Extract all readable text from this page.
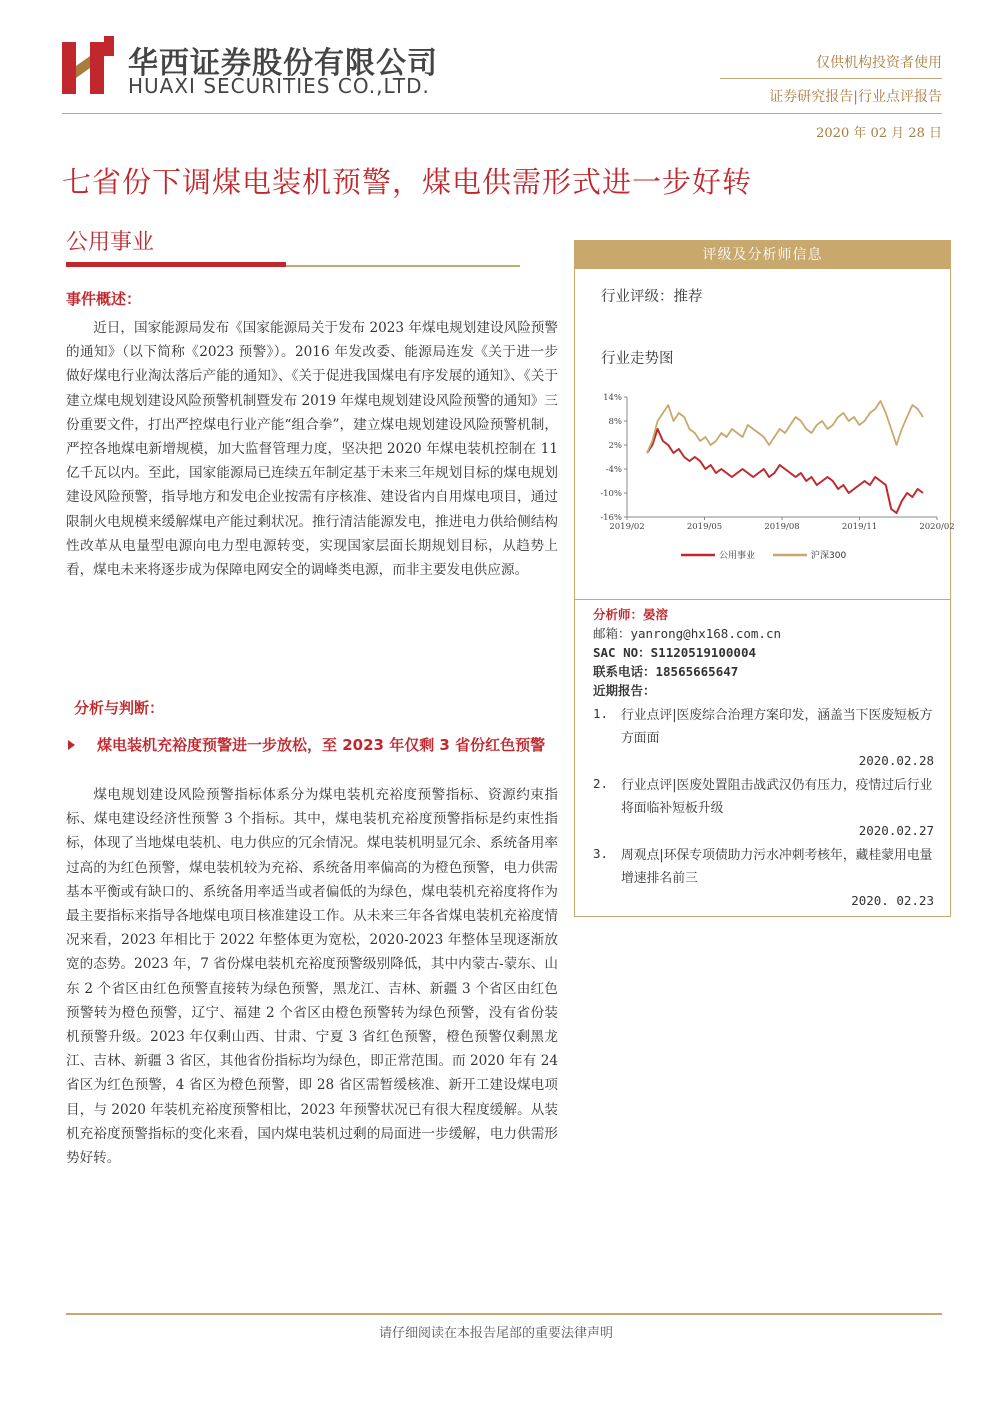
华西证券股份有限公司
HUAXI SECURITIES CO.,LTD.
仅供机构投资者使用
证券研究报告|行业点评报告
2020 年 02 月 28 日
七省份下调煤电装机预警，煤电供需形式进一步好转
公用事业
事件概述：
近日，国家能源局发布《国家能源局关于发布 2023 年煤电规划建设风险预警的通知》（以下简称《2023 预警》）。2016 年发改委、能源局连发《关于进一步做好煤电行业淘汰落后产能的通知》、《关于促进我国煤电有序发展的通知》、《关于建立煤电规划建设风险预警机制暨发布 2019 年煤电规划建设风险预警的通知》三份重要文件，打出严控煤电行业产能“组合拳”，建立煤电规划建设风险预警机制，严控各地煤电新增规模，加大监督管理力度，坚决把 2020 年煤电装机控制在 11 亿千瓦以内。至此，国家能源局已连续五年制定基于未来三年规划目标的煤电规划建设风险预警，指导地方和发电企业按需有序核准、建设省内自用煤电项目，通过限制火电规模来缓解煤电产能过剩状况。推行清洁能源发电，推进电力供给侧结构性改革从电量型电源向电力型电源转变，实现国家层面长期规划目标，从趋势上看，煤电未来将逐步成为保障电网安全的调峰类电源，而非主要发电供应源。
分析与判断：
煤电装机充裕度预警进一步放松，至 2023 年仅剩 3 省份红色预警
煤电规划建设风险预警指标体系分为煤电装机充裕度预警指标、资源约束指标、煤电建设经济性预警 3 个指标。其中，煤电装机充裕度预警指标是约束性指标，体现了当地煤电装机、电力供应的冗余情况。煤电装机明显冗余、系统备用率过高的为红色预警，煤电装机较为充裕、系统备用率偏高的为橙色预警，电力供需基本平衡或有缺口的、系统备用率适当或者偏低的为绿色，煤电装机充裕度将作为最主要指标来指导各地煤电项目核准建设工作。从未来三年各省煤电装机充裕度情况来看，2023 年相比于 2022 年整体更为宽松，2020-2023 年整体呈现逐渐放宽的态势。2023 年，7 省份煤电装机充裕度预警级别降低，其中内蒙古-蒙东、山东 2 个省区由红色预警直接转为绿色预警，黑龙江、吉林、新疆 3 个省区由红色预警转为橙色预警，辽宁、福建 2 个省区由橙色预警转为绿色预警，没有省份装机预警升级。2023 年仅剩山西、甘肃、宁夏 3 省红色预警，橙色预警仅剩黑龙江、吉林、新疆 3 省区，其他省份指标均为绿色，即正常范围。而 2020 年有 24 省区为红色预警，4 省区为橙色预警，即 28 省区需暂缓核准、新开工建设煤电项目，与 2020 年装机充裕度预警相比，2023 年预警状况已有很大程度缓解。从装机充裕度预警指标的变化来看，国内煤电装机过剩的局面进一步缓解，电力供需形势好转。
评级及分析师信息
行业评级：推荐
行业走势图
14%
8%
2%
-4%
-10%
-16%
2019/02	2019/05	2019/08	2019/11	2020/02
公用事业	沪深300
分析师：晏溶
邮箱：yanrong@hx168.com.cn
SAC NO：S1120519100004
联系电话：18565665647
近期报告：
1.	行业点评|医废综合治理方案印发，涵盖当下医废短板方方面面
2020.02.28
2.	行业点评|医废处置阻击战武汉仍有压力，疫情过后行业将面临补短板升级
2020.02.27
3.	周观点|环保专项债助力污水冲刺考核年，藏桂蒙用电量增速排名前三
2020. 02.23
请仔细阅读在本报告尾部的重要法律声明
